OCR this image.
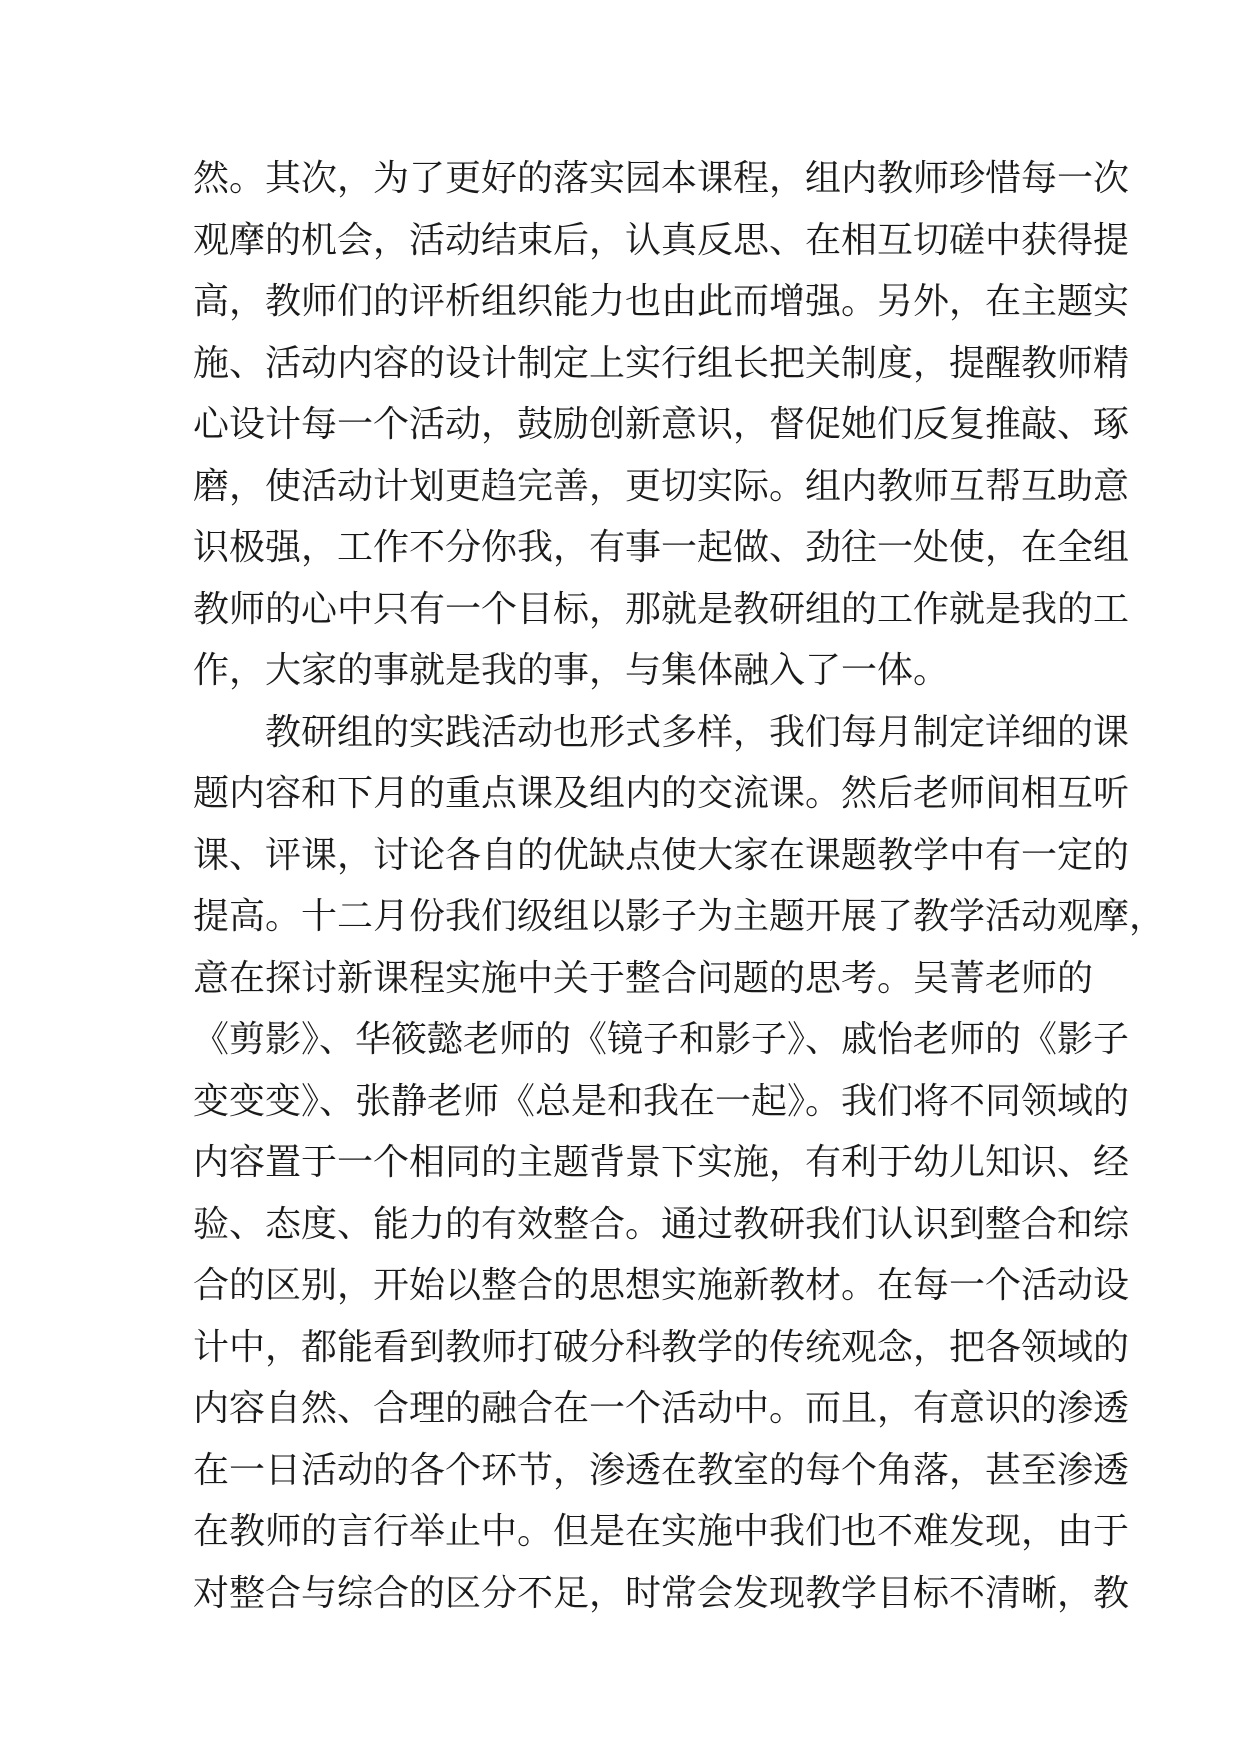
然。其次，为了更好的落实园本课程，组内教师珍惜每一次
观摩的机会，活动结束后，认真反思、在相互切磋中获得提
高，教师们的评析组织能力也由此而增强。另外，在主题实
施、活动内容的设计制定上实行组长把关制度，提醒教师精
心设计每一个活动，鼓励创新意识，督促她们反复推敲、琢
磨，使活动计划更趋完善，更切实际。组内教师互帮互助意
识极强，工作不分你我，有事一起做、劲往一处使，在全组
教师的心中只有一个目标，那就是教研组的工作就是我的工
作，大家的事就是我的事，与集体融入了一体。
教研组的实践活动也形式多样，我们每月制定详细的课
题内容和下月的重点课及组内的交流课。然后老师间相互听
课、评课，讨论各自的优缺点使大家在课题教学中有一定的
提高。十二月份我们级组以影子为主题开展了教学活动观摩，
意在探讨新课程实施中关于整合问题的思考。吴菁老师的
《剪影》、华筱懿老师的《镜子和影子》、戚怡老师的《影子
变变变》、张静老师《总是和我在一起》。我们将不同领域的
内容置于一个相同的主题背景下实施，有利于幼儿知识、经
验、态度、能力的有效整合。通过教研我们认识到整合和综
合的区别，开始以整合的思想实施新教材。在每一个活动设
计中，都能看到教师打破分科教学的传统观念，把各领域的
内容自然、合理的融合在一个活动中。而且，有意识的渗透
在一日活动的各个环节，渗透在教室的每个角落，甚至渗透
在教师的言行举止中。但是在实施中我们也不难发现，由于
对整合与综合的区分不足，时常会发现教学目标不清晰，教
